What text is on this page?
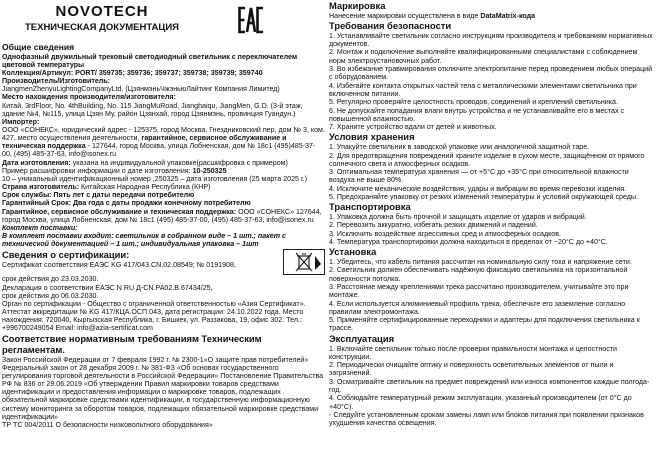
NOVOTECH
ТЕХНИЧЕСКАЯ ДОКУМЕНТАЦИЯ
Общие сведения

Однофазный двужильный трековый светодиодный светильник с переключателем цветовой температуры

Коллекция/Артикул: PORT/ 359735; 359736; 359737; 359738; 359739; 359740

Производитель/Изготовитель:

JiangmenZhenyuLightingCompanyLtd. (ЦзянмэньЧжэньюЛайтинг Компания Лимитед)

Место нахождения производителя/изготовителя:

Китай, 3rdFloor, No. 4thBuilding, No. 115 JiangMuRoad, Jianghaiqu, JiangMen, G.D. (3-й этаж, здание №4, №115, улица Цзян Му, район Цзянхай, город Цзянмэнь, провинция Гуандун.)

Импортер:

ООО «СОНЕКС», юридический адрес - 125375, город Москва, Гнездниковский пер, дом № 3, ком. 427, место осуществления деятельности, гарантийное, сервисное обслуживание и техническая поддержка - 127644, город Москва, улица Лобненская, дом № 18с1 (495)485-37-00, (495) 485-37-63, info@isonex.ru

Дата изготовления: указана на индивидуальной упаковке(расшифровка с примером)

Пример расшифровки информации о дате изготовления: 10-250325

10 – уникальный идентификационный номер ,250325 – дата изготовления (25 марта 2025 г.)

Страна изготовитель: Китайская Народная Республика (КНР)

Срок службы: Пять лет с даты передачи потребителю

Гарантийный Срок: Два года с даты продажи конечному потребителю

Гарантийное, сервисное обслуживание и техническая поддержка: ООО «СОНЕКС» 127644, город Москва, улица Лобненская, дом № 18с1 (495) 485-37-00, (495) 485-37-63, info@isonex.ru

Комплект поставки:

В комплект поставки входит: светильник в собранном виде – 1 шт.; пакет с технической документацией – 1 шт.; индивидуальная упаковка – 1шт

Сведения о сертификации:

Сертификат соответствия ЕАЭС KG 417/043.CN.02.08549; № 0191908,

срок действия до 23.03.2030.

Декларация о соответствии ЕАЭС N RU Д-CN.PA02.B.67434/25,

срок действия до 06.03.2030.

Орган по сертификации - Общество с ограниченной ответственностью «Азия Сертификат». Аттестат аккредитации № KG 417/КЦА.ОСП.043, дата регистрации: 24.10.2022 года. Место нахождения: 720040, Кыргызская Республика, г. Бишкек, ул. Раззакова, 19, офис 302. Тел.: +996700249054 Email: info@azia-sertificat.com

Соответствие нормативным требованиям Техническим регламентам.

Закон Российской Федерации от 7 февраля 1992 г. № 2300-1«О защите прав потребителей» Федеральный закон от 28 декабря 2009 г. № 381-ФЗ «Об основах государственного регулирования торговой деятельности в Российской Федерации» Постановление Правительства РФ № 836 от 29.06.2019 «Об утверждении Правил маркировки товаров средствами идентификации и предоставления информации о маркировке товаров, подлежащих обязательной маркировке средствами идентификации, в государственную информационную систему мониторинга за оборотом товаров, подлежащих обязательной маркировке средствами идентификации»

ТР ТС 004/2011 О безопасности низковольтного оборудования»

Маркировка

Нанесение маркировки осуществлена в виде DataMatrix-кода

Требования безопасности

1. Устанавливайте светильник согласно инструкциям производителя и требованиям нормативных документов.

2. Монтаж и подключение выполняйте квалифицированными специалистами с соблюдением норм электроустановочных работ.

3. Во избежание травмирования отключите электропитание перед проведением любых операций с оборудованием.

4. Избегайте контакта открытых частей тела с металлическими элементами светильника при включенном питании.

5. Регулярно проверяйте целостность проводов, соединений и креплений светильника.

6. Не допускайте попадания влаги внутрь устройства и не устанавливайте его в местах с повышенной влажностью.

7. Храните устройство вдали от детей и животных.

Условия хранения

1. Упакуйте светильник в заводской упаковке или аналогичной защитной таре.

2. Для предотвращения повреждений храните изделие в сухом месте, защищённом от прямого солнечного света и атмосферных осадков.

3. Оптимальная температура хранения — от +5°C до +35°C при относительной влажности воздуха не выше 80%.

4. Исключите механические воздействия, удары и вибрации во время перевозки изделия.

5. Предохраняйте упаковку от резких изменений температуры и условий окружающей среды.

Транспортировка

1. Упаковка должна быть прочной и защищать изделие от ударов и вибраций.

2. Перевозить аккуратно, избегать резких движений и падений.

3. Исключить воздействие агрессивных сред и атмосферных осадков.

4. Температура транспортировки должна находиться в пределах от −20°C до +40°C.

Установка

1. Убедитесь, что кабель питания рассчитан на номинальную силу тока и напряжение сети.

2. Светильник должен обеспечивать надёжную фиксацию светильника на горизонтальной поверхности потолка.

3. Расстояние между креплениями трека рассчитано производителем, учитывайте это при монтаже.

4. Если используется алюминиевый профиль трека, обеспечьте его заземление согласно правилам электромонтажа.

5. Применяйте сертифицированные переходники и адаптеры для подключения светильника к трассе.

Эксплуатация

1. Включайте светильник только после проверки правильности монтажа и целостности конструкции.

2. Периодически очищайте оптику и поверхность осветительных элементов от пыли и загрязнений.

3. Осматривайте светильник на предмет повреждений или износа компонентов каждые полгода-год.

4. Соблюдайте температурный режим эксплуатации, указанный производителем (от 0°C до +40°C).

- Следуйте установленным срокам замены ламп или блоков питания при появлении признаков ухудшения качества освещения.
